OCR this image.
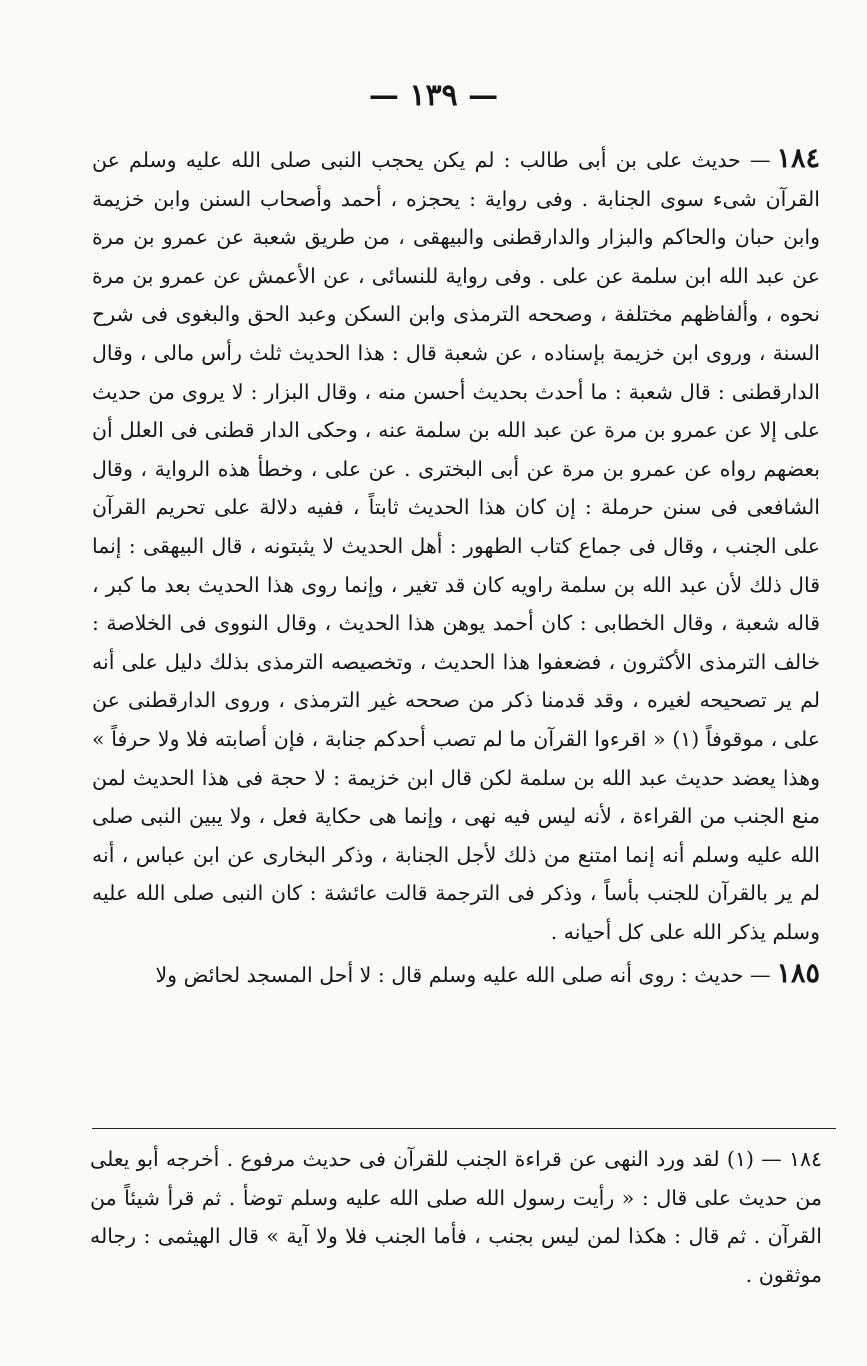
— ١٣٩ —

١٨٤— حديث على بن أبى طالب : لم يكن يحجب النبى صلى الله عليه وسلم عن القرآن شىء سوى الجنابة . وفى رواية : يحجزه ، أحمد وأصحاب السنن وابن خزيمة وابن حبان والحاكم والبزار والدارقطنى والبيهقى ، من طريق شعبة عن عمرو بن مرة عن عبد الله ابن سلمة عن على . وفى رواية للنسائى ، عن الأعمش عن عمرو بن مرة نحوه ، وألفاظهم مختلفة ، وصححه الترمذى وابن السكن وعبد الحق والبغوى فى شرح السنة ، وروى ابن خزيمة بإسناده ، عن شعبة قال : هذا الحديث ثلث رأس مالى ، وقال الدارقطنى : قال شعبة : ما أحدث بحديث أحسن منه ، وقال البزار : لا يروى من حديث على إلا عن عمرو بن مرة عن عبد الله بن سلمة عنه ، وحكى الدار قطنى فى العلل أن بعضهم رواه عن عمرو بن مرة عن أبى البخترى . عن على ، وخطأ هذه الرواية ، وقال الشافعى فى سنن حرملة : إن كان هذا الحديث ثابتاً ، ففيه دلالة على تحريم القرآن على الجنب ، وقال فى جماع كتاب الطهور : أهل الحديث لا يثبتونه ، قال البيهقى : إنما قال ذلك لأن عبد الله بن سلمة راويه كان قد تغير ، وإنما روى هذا الحديث بعد ما كبر ، قاله شعبة ، وقال الخطابى : كان أحمد يوهن هذا الحديث ، وقال النووى فى الخلاصة : خالف الترمذى الأكثرون ، فضعفوا هذا الحديث ، وتخصيصه الترمذى بذلك دليل على أنه لم ير تصحيحه لغيره ، وقد قدمنا ذكر من صححه غير الترمذى ، وروى الدارقطنى عن على ، موقوفاً (١) « اقرءوا القرآن ما لم تصب أحدكم جنابة ، فإن أصابته فلا ولا حرفاً » وهذا يعضد حديث عبد الله بن سلمة لكن قال ابن خزيمة : لا حجة فى هذا الحديث لمن منع الجنب من القراءة ، لأنه ليس فيه نهى ، وإنما هى حكاية فعل ، ولا يبين النبى صلى الله عليه وسلم أنه إنما امتنع من ذلك لأجل الجنابة ، وذكر البخارى عن ابن عباس ، أنه لم ير بالقرآن للجنب بأساً ، وذكر فى الترجمة قالت عائشة : كان النبى صلى الله عليه وسلم يذكر الله على كل أحيانه .

١٨٥— حديث : روى أنه صلى الله عليه وسلم قال : لا أحل المسجد لحائض ولا

١٨٤ — (١) لقد ورد النهى عن قراءة الجنب للقرآن فى حديث مرفوع . أخرجه أبو يعلى من حديث على قال : « رأيت رسول الله صلى الله عليه وسلم توضأ . ثم قرأ شيئاً من القرآن . ثم قال : هكذا لمن ليس بجنب ، فأما الجنب فلا ولا آية » قال الهيثمى : رجاله موثقون .
